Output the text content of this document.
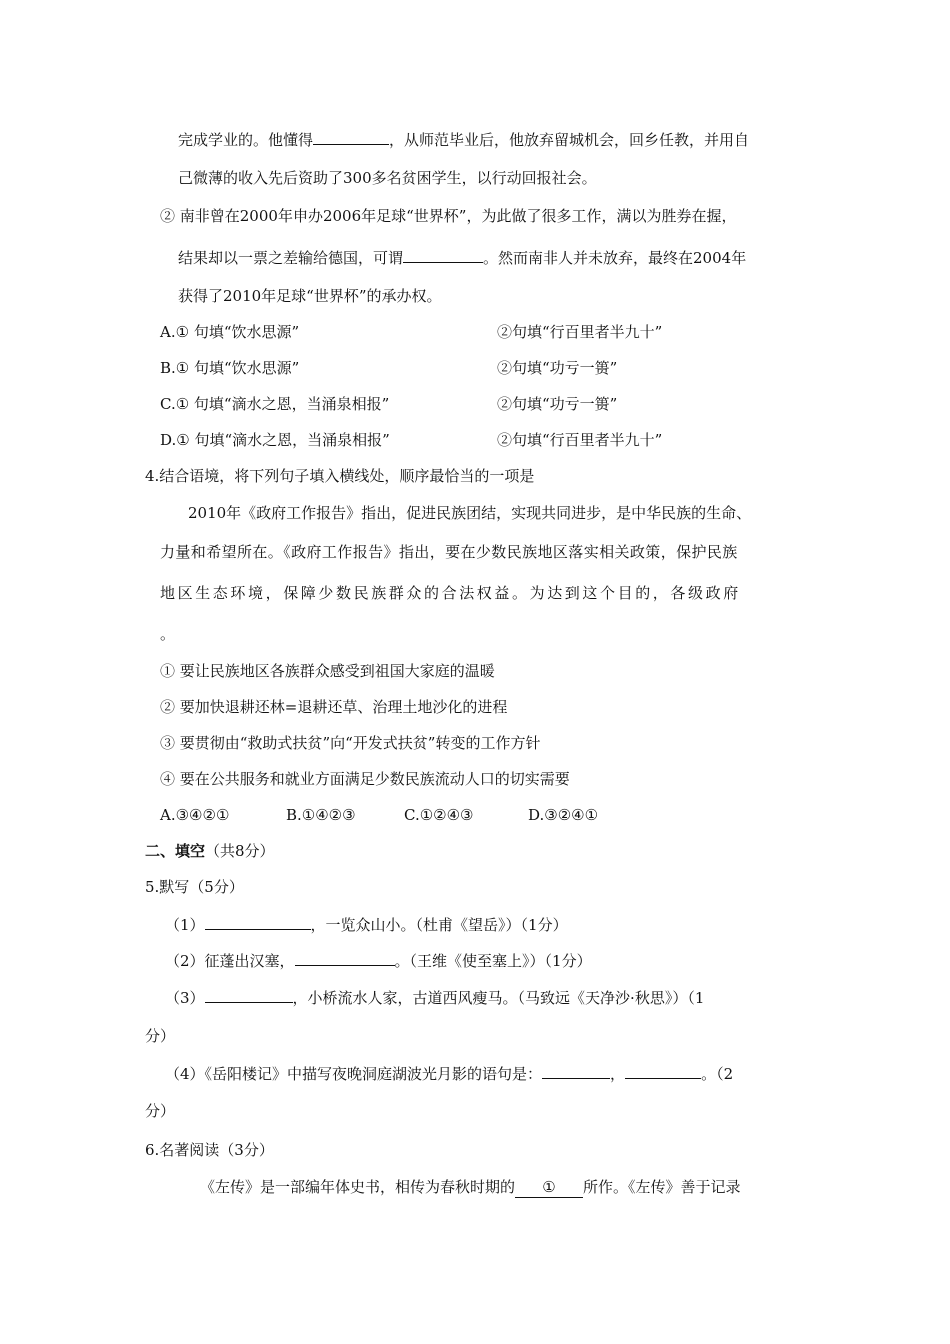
完成学业的。他懂得	，从师范毕业后，他放弃留城机会，回乡任教，并用自
己微薄的收入先后资助了300多名贫困学生，以行动回报社会。
② 南非曾在2000年申办2006年足球“世界杯”，为此做了很多工作，满以为胜券在握，
结果却以一票之差输给德国，可谓	。然而南非人并未放弃，最终在2004年
获得了2010年足球“世界杯”的承办权。
A.① 句填“饮水思源”	②句填“行百里者半九十”
B.① 句填“饮水思源”	②句填“功亏一篑”
C.① 句填“滴水之恩，当涌泉相报”	②句填“功亏一篑”
D.① 句填“滴水之恩，当涌泉相报”	②句填“行百里者半九十”
4.结合语境，将下列句子填入横线处，顺序最恰当的一项是
2010年《政府工作报告》指出，促进民族团结，实现共同进步，是中华民族的生命、
力量和希望所在。《政府工作报告》指出，要在少数民族地区落实相关政策，保护民族
地区生态环境，保障少数民族群众的合法权益。为达到这个目的，各级政府
。
① 要让民族地区各族群众感受到祖国大家庭的温暖
② 要加快退耕还林=退耕还草、治理土地沙化的进程
③ 要贯彻由“救助式扶贫”向“开发式扶贫”转变的工作方针
④ 要在公共服务和就业方面满足少数民族流动人口的切实需要
A.③④②①	B.①④②③	C.①②④③	D.③②④①
二、填空（共8分）
5.默写（5分）
（1）	，一览众山小。（杜甫《望岳》）（1分）
（2）征蓬出汉塞，	。（王维《使至塞上》）（1分）
（3）	，小桥流水人家，古道西风瘦马。（马致远《天净沙·秋思》）（1
分）
（4）《岳阳楼记》中描写夜晚洞庭湖波光月影的语句是：	，	。（2
分）
6.名著阅读（3分）
《左传》是一部编年体史书，相传为春秋时期的 ① 所作。《左传》善于记录
